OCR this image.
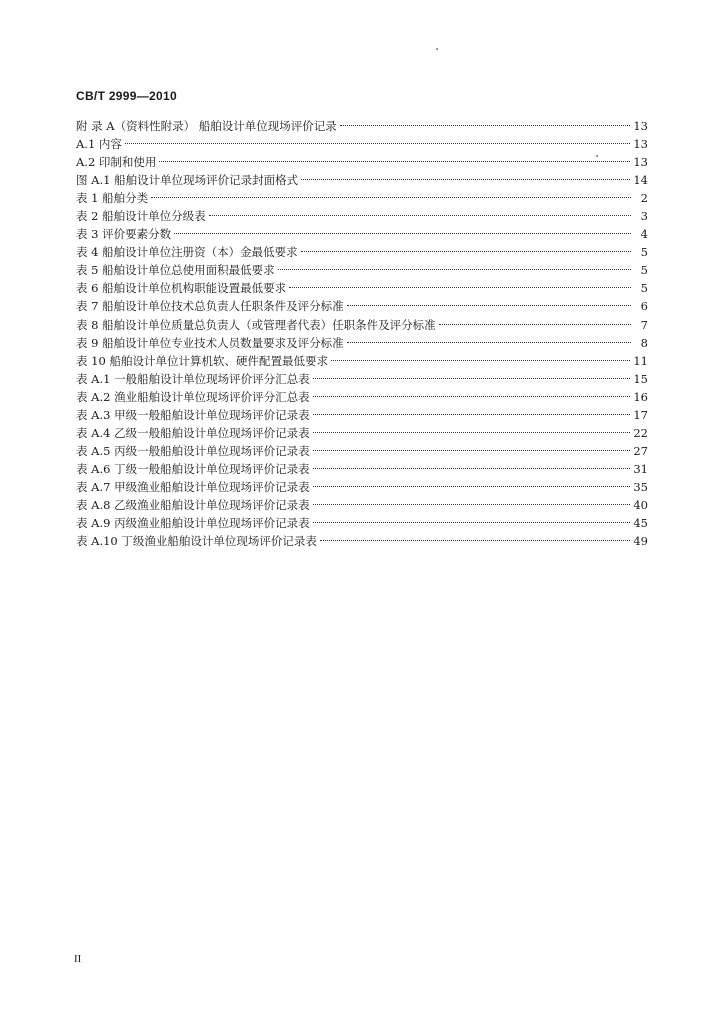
CB/T 2999—2010
附 录 A（资料性附录） 船舶设计单位现场评价记录	13
A.1 内容	13
A.2 印制和使用	13
图 A.1 船舶设计单位现场评价记录封面格式	14
表 1 船舶分类	2
表 2 船舶设计单位分级表	3
表 3 评价要素分数	4
表 4 船舶设计单位注册资（本）金最低要求	5
表 5 船舶设计单位总使用面积最低要求	5
表 6 船舶设计单位机构职能设置最低要求	5
表 7 船舶设计单位技术总负责人任职条件及评分标准	6
表 8 船舶设计单位质量总负责人（或管理者代表）任职条件及评分标准	7
表 9 船舶设计单位专业技术人员数量要求及评分标准	8
表 10 船舶设计单位计算机软、硬件配置最低要求	11
表 A.1 一般船舶设计单位现场评价评分汇总表	15
表 A.2 渔业船舶设计单位现场评价评分汇总表	16
表 A.3 甲级一般船舶设计单位现场评价记录表	17
表 A.4 乙级一般船舶设计单位现场评价记录表	22
表 A.5 丙级一般船舶设计单位现场评价记录表	27
表 A.6 丁级一般船舶设计单位现场评价记录表	31
表 A.7 甲级渔业船舶设计单位现场评价记录表	35
表 A.8 乙级渔业船舶设计单位现场评价记录表	40
表 A.9 丙级渔业船舶设计单位现场评价记录表	45
表 A.10 丁级渔业船舶设计单位现场评价记录表	49
II
